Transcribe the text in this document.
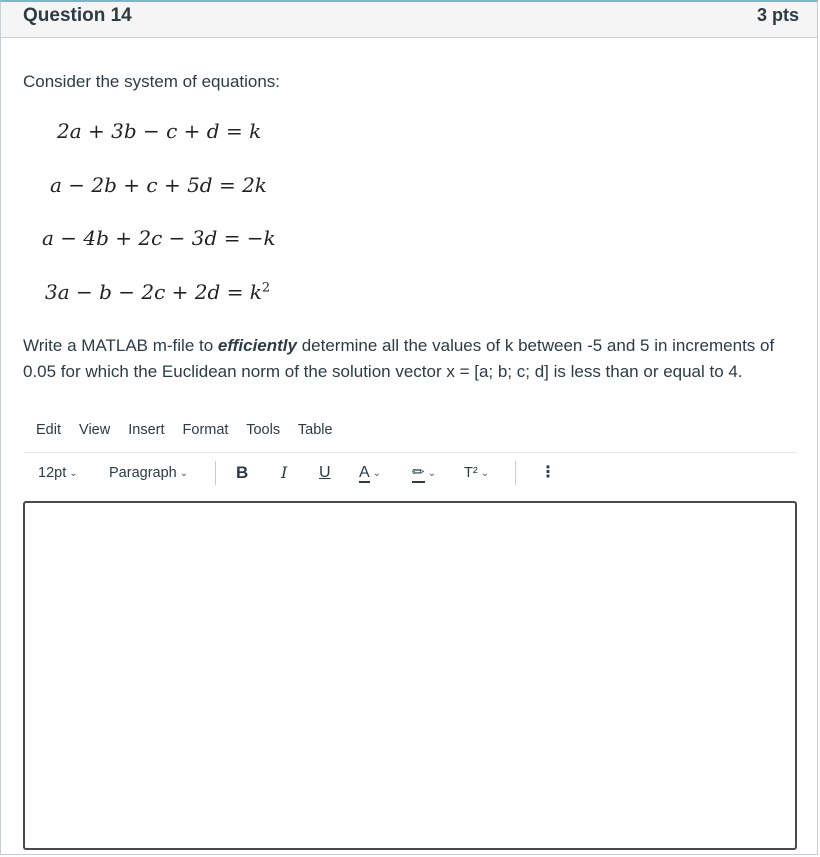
Question 14	3 pts
Consider the system of equations:
2a + 3b − c + d = k
a − 2b + c + 5d = 2k
a − 4b + 2c − 3d = −k
$3a - b - 2c + 2d = k^2$
Write a MATLAB m-file to efficiently determine all the values of k between -5 and 5 in increments of 0.05 for which the Euclidean norm of the solution vector x = [a; b; c; d] is less than or equal to 4.
Edit View Insert Format Tools Table
12pt ⌄ Paragraph ⌄	B I U A ⌄ ✏ ⌄ T² ⌄	⋮
